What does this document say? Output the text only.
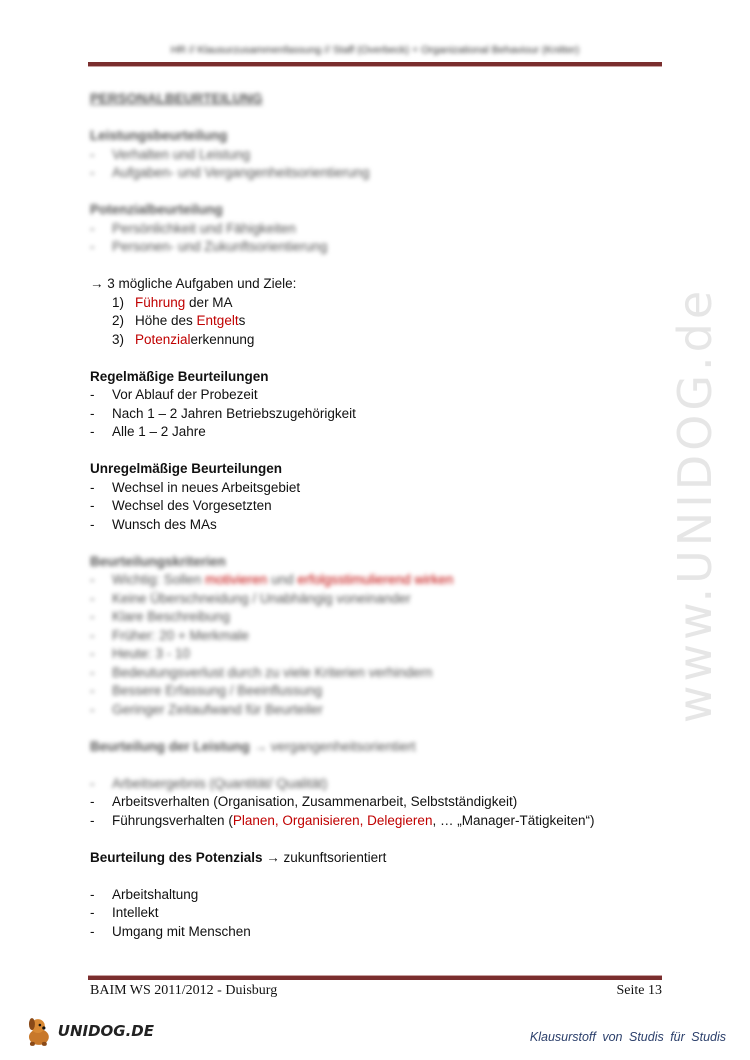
HR // Klausurzusammenfassung // Staff (Overbeck) + Organizational Behaviour (Knitter)
www.UNIDOG.de
PERSONALBEURTEILUNG
Leistungsbeurteilung
- Verhalten und Leistung
- Aufgaben- und Vergangenheitsorientierung
Potenzialbeurteilung
- Persönlichkeit und Fähigkeiten
- Personen- und Zukunftsorientierung
→ 3 mögliche Aufgaben und Ziele:
1) Führung der MA
2) Höhe des Entgelts
3) Potenzialerkennung
Regelmäßige Beurteilungen
- Vor Ablauf der Probezeit
- Nach 1 – 2 Jahren Betriebszugehörigkeit
- Alle 1 – 2 Jahre
Unregelmäßige Beurteilungen
- Wechsel in neues Arbeitsgebiet
- Wechsel des Vorgesetzten
- Wunsch des MAs
Beurteilungskriterien
- Wichtig: Sollen motivieren und erfolgsstimulierend wirken
- Keine Überschneidung / Unabhängig voneinander
- Klare Beschreibung
- Früher: 20 + Merkmale
- Heute: 3 - 10
- Bedeutungsverlust durch zu viele Kriterien verhindern
- Bessere Erfassung / Beeinflussung
- Geringer Zeitaufwand für Beurteiler
Beurteilung der Leistung → vergangenheitsorientiert
- Arbeitsergebnis (Quantität/ Qualität)
- Arbeitsverhalten (Organisation, Zusammenarbeit, Selbstständigkeit)
- Führungsverhalten (Planen, Organisieren, Delegieren, … „Manager-Tätigkeiten“)
Beurteilung des Potenzials → zukunftsorientiert
- Arbeitshaltung
- Intellekt
- Umgang mit Menschen
BAIM WS 2011/2012 - Duisburg	Seite 13
UNIDOG.DE	Klausurstoff von Studis für Studis
